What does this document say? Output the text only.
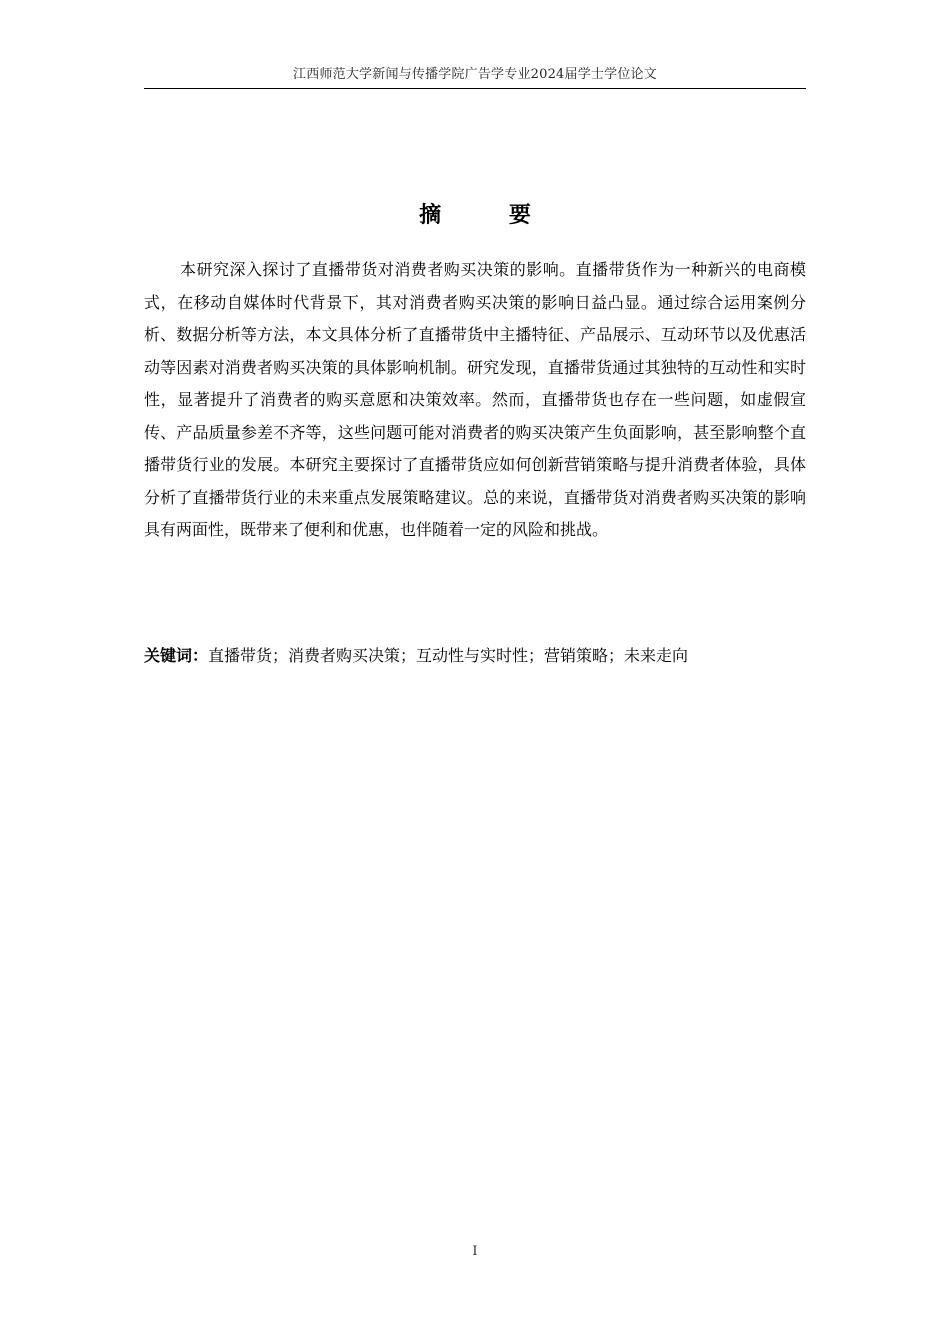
江西师范大学新闻与传播学院广告学专业2024届学士学位论文
摘 要

本研究深入探讨了直播带货对消费者购买决策的影响。直播带货作为一种新兴的电商模式，在移动自媒体时代背景下，其对消费者购买决策的影响日益凸显。通过综合运用案例分析、数据分析等方法，本文具体分析了直播带货中主播特征、产品展示、互动环节以及优惠活动等因素对消费者购买决策的具体影响机制。研究发现，直播带货通过其独特的互动性和实时性，显著提升了消费者的购买意愿和决策效率。然而，直播带货也存在一些问题，如虚假宣传、产品质量参差不齐等，这些问题可能对消费者的购买决策产生负面影响，甚至影响整个直播带货行业的发展。本研究主要探讨了直播带货应如何创新营销策略与提升消费者体验，具体分析了直播带货行业的未来重点发展策略建议。总的来说，直播带货对消费者购买决策的影响具有两面性，既带来了便利和优惠，也伴随着一定的风险和挑战。

关键词：直播带货；消费者购买决策；互动性与实时性；营销策略；未来走向

I
